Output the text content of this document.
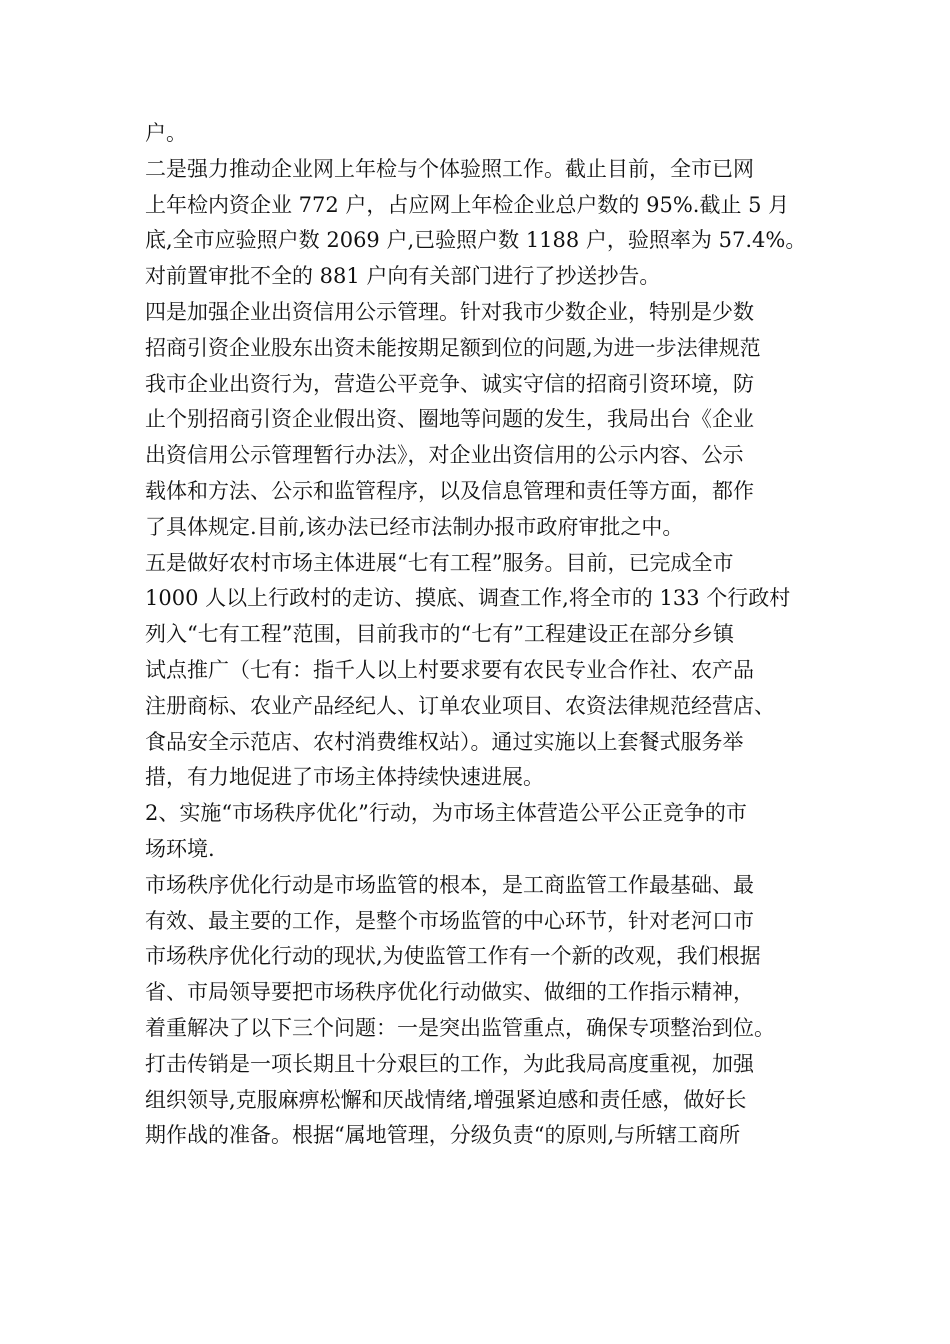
户。
二是强力推动企业网上年检与个体验照工作。截止目前，全市已网
上年检内资企业 772 户，占应网上年检企业总户数的 95%.截止 5 月
底,全市应验照户数 2069 户,已验照户数 1188 户，验照率为 57.4%。
对前置审批不全的 881 户向有关部门进行了抄送抄告。
四是加强企业出资信用公示管理。针对我市少数企业，特别是少数
招商引资企业股东出资未能按期足额到位的问题,为进一步法律规范
我市企业出资行为，营造公平竞争、诚实守信的招商引资环境，防
止个别招商引资企业假出资、圈地等问题的发生，我局出台《企业
出资信用公示管理暂行办法》，对企业出资信用的公示内容、公示
载体和方法、公示和监管程序，以及信息管理和责任等方面，都作
了具体规定.目前,该办法已经市法制办报市政府审批之中。
五是做好农村市场主体进展“七有工程”服务。目前，已完成全市
1000 人以上行政村的走访、摸底、调查工作,将全市的 133 个行政村
列入“七有工程”范围，目前我市的“七有”工程建设正在部分乡镇
试点推广（七有：指千人以上村要求要有农民专业合作社、农产品
注册商标、农业产品经纪人、订单农业项目、农资法律规范经营店、
食品安全示范店、农村消费维权站）。通过实施以上套餐式服务举
措，有力地促进了市场主体持续快速进展。
2、实施“市场秩序优化”行动，为市场主体营造公平公正竞争的市
场环境.
市场秩序优化行动是市场监管的根本，是工商监管工作最基础、最
有效、最主要的工作，是整个市场监管的中心环节，针对老河口市
市场秩序优化行动的现状,为使监管工作有一个新的改观，我们根据
省、市局领导要把市场秩序优化行动做实、做细的工作指示精神，
着重解决了以下三个问题：一是突出监管重点，确保专项整治到位。
打击传销是一项长期且十分艰巨的工作，为此我局高度重视，加强
组织领导,克服麻痹松懈和厌战情绪,增强紧迫感和责任感，做好长
期作战的准备。根据“属地管理，分级负责“的原则,与所辖工商所
